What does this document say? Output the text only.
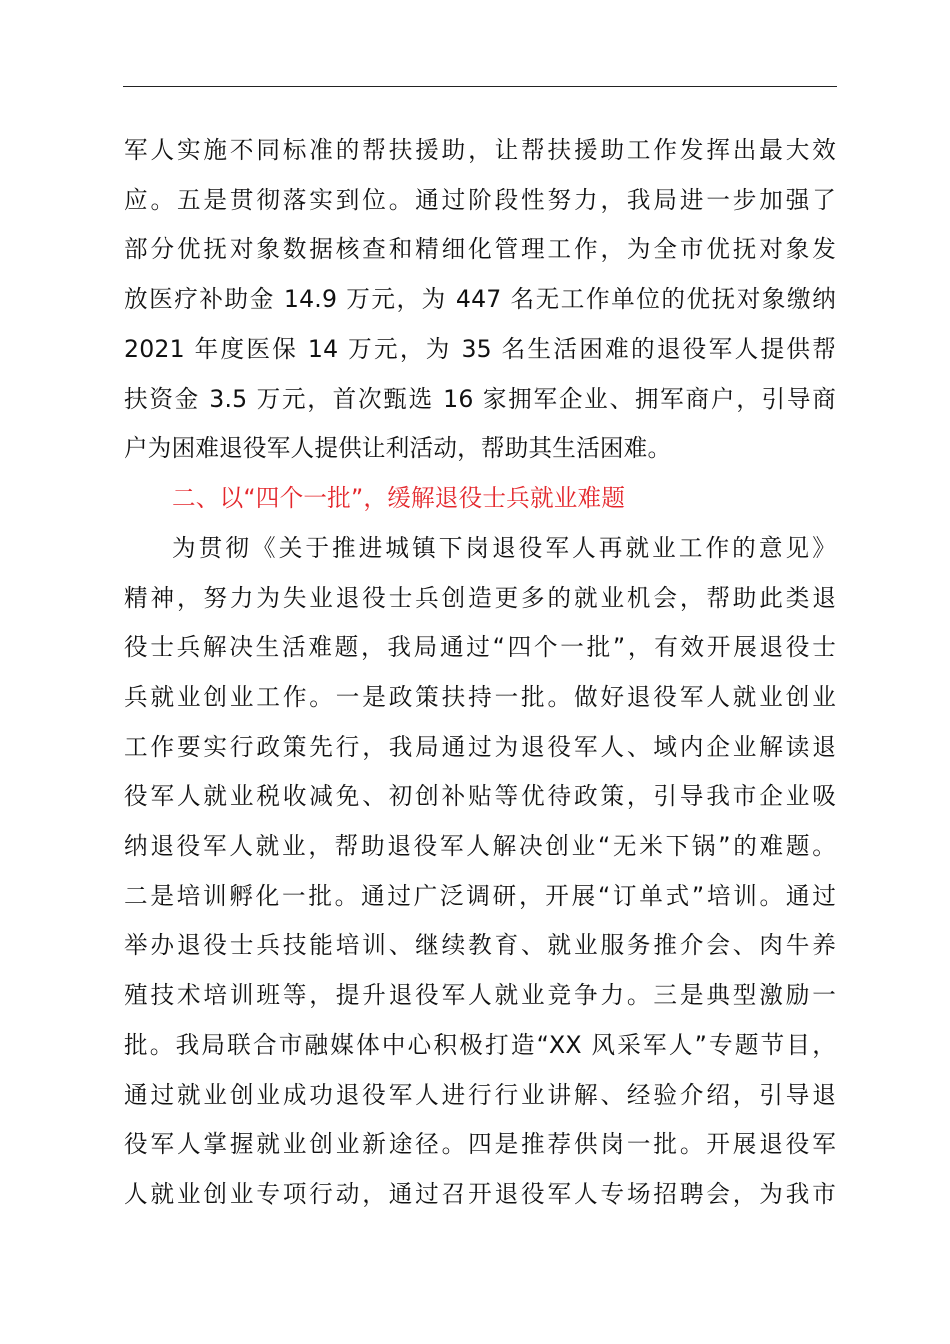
军人实施不同标准的帮扶援助，让帮扶援助工作发挥出最大效
应。五是贯彻落实到位。通过阶段性努力，我局进一步加强了
部分优抚对象数据核查和精细化管理工作，为全市优抚对象发
放医疗补助金 14.9 万元，为 447 名无工作单位的优抚对象缴纳
2021 年度医保 14 万元，为 35 名生活困难的退役军人提供帮
扶资金 3.5 万元，首次甄选 16 家拥军企业、拥军商户，引导商
户为困难退役军人提供让利活动，帮助其生活困难。
二、以“四个一批”，缓解退役士兵就业难题
为贯彻《关于推进城镇下岗退役军人再就业工作的意见》
精神，努力为失业退役士兵创造更多的就业机会，帮助此类退
役士兵解决生活难题，我局通过“四个一批”，有效开展退役士
兵就业创业工作。一是政策扶持一批。做好退役军人就业创业
工作要实行政策先行，我局通过为退役军人、域内企业解读退
役军人就业税收减免、初创补贴等优待政策，引导我市企业吸
纳退役军人就业，帮助退役军人解决创业“无米下锅”的难题。
二是培训孵化一批。通过广泛调研，开展“订单式”培训。通过
举办退役士兵技能培训、继续教育、就业服务推介会、肉牛养
殖技术培训班等，提升退役军人就业竞争力。三是典型激励一
批。我局联合市融媒体中心积极打造“XX 风采军人”专题节目，
通过就业创业成功退役军人进行行业讲解、经验介绍，引导退
役军人掌握就业创业新途径。四是推荐供岗一批。开展退役军
人就业创业专项行动，通过召开退役军人专场招聘会，为我市
